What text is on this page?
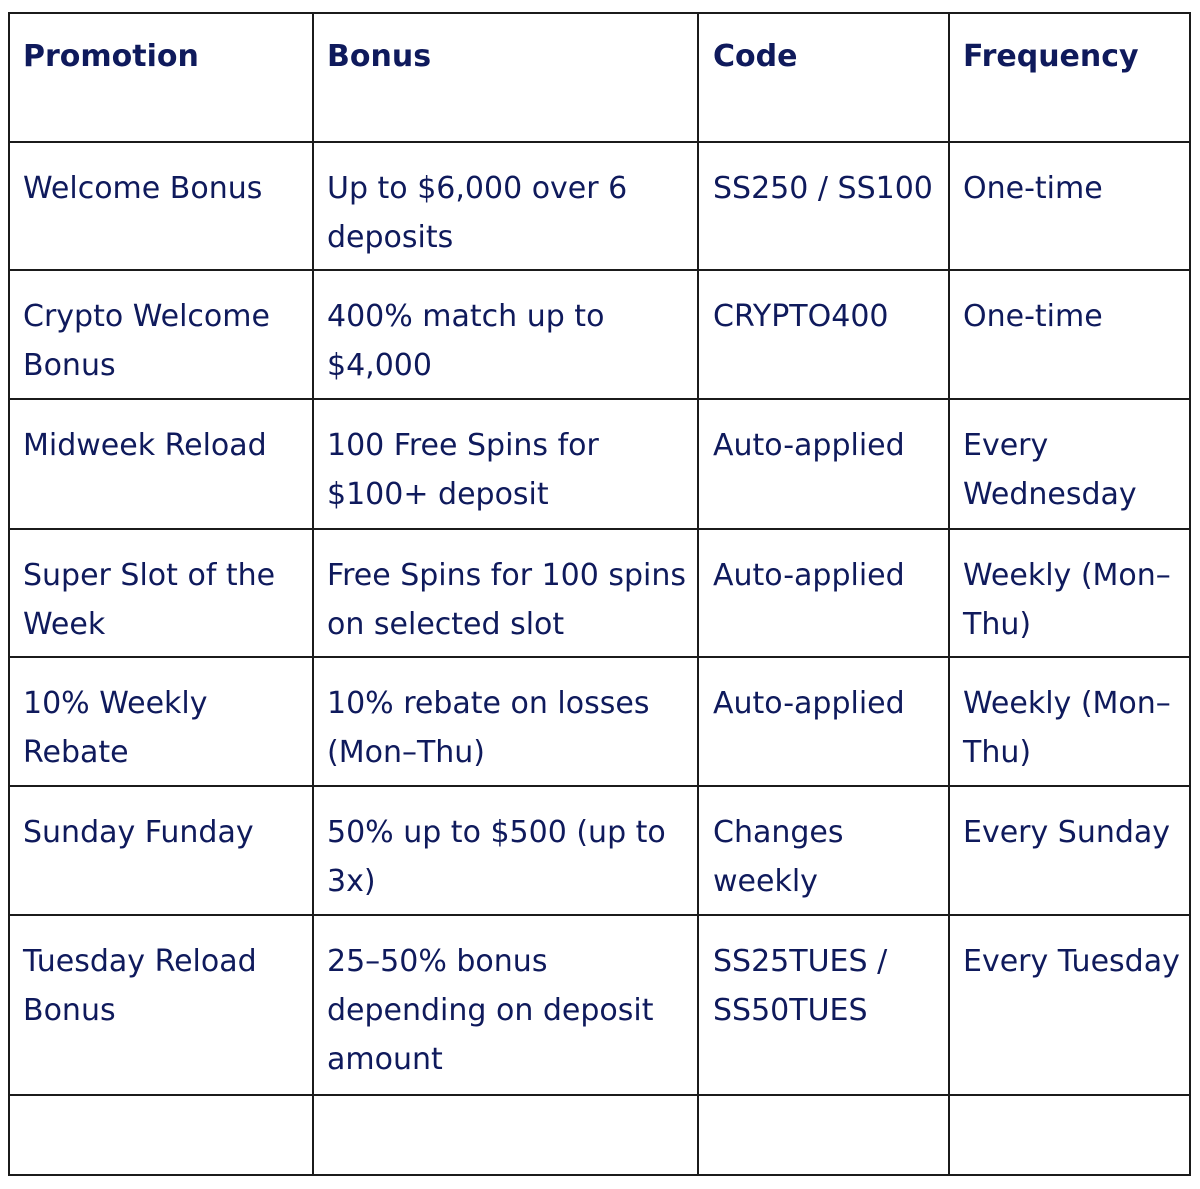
Promotion	Bonus	Code	Frequency
Welcome Bonus	Up to $6,000 over 6 deposits	SS250 / SS100	One-time
Crypto Welcome Bonus	400% match up to $4,000	CRYPTO400	One-time
Midweek Reload	100 Free Spins for $100+ deposit	Auto-applied	Every Wednesday
Super Slot of the Week	Free Spins for 100 spins on selected slot	Auto-applied	Weekly (Mon–Thu)
10% Weekly Rebate	10% rebate on losses (Mon–Thu)	Auto-applied	Weekly (Mon–Thu)
Sunday Funday	50% up to $500 (up to 3x)	Changes weekly	Every Sunday
Tuesday Reload Bonus	25–50% bonus depending on deposit amount	SS25TUES / SS50TUES	Every Tuesday
